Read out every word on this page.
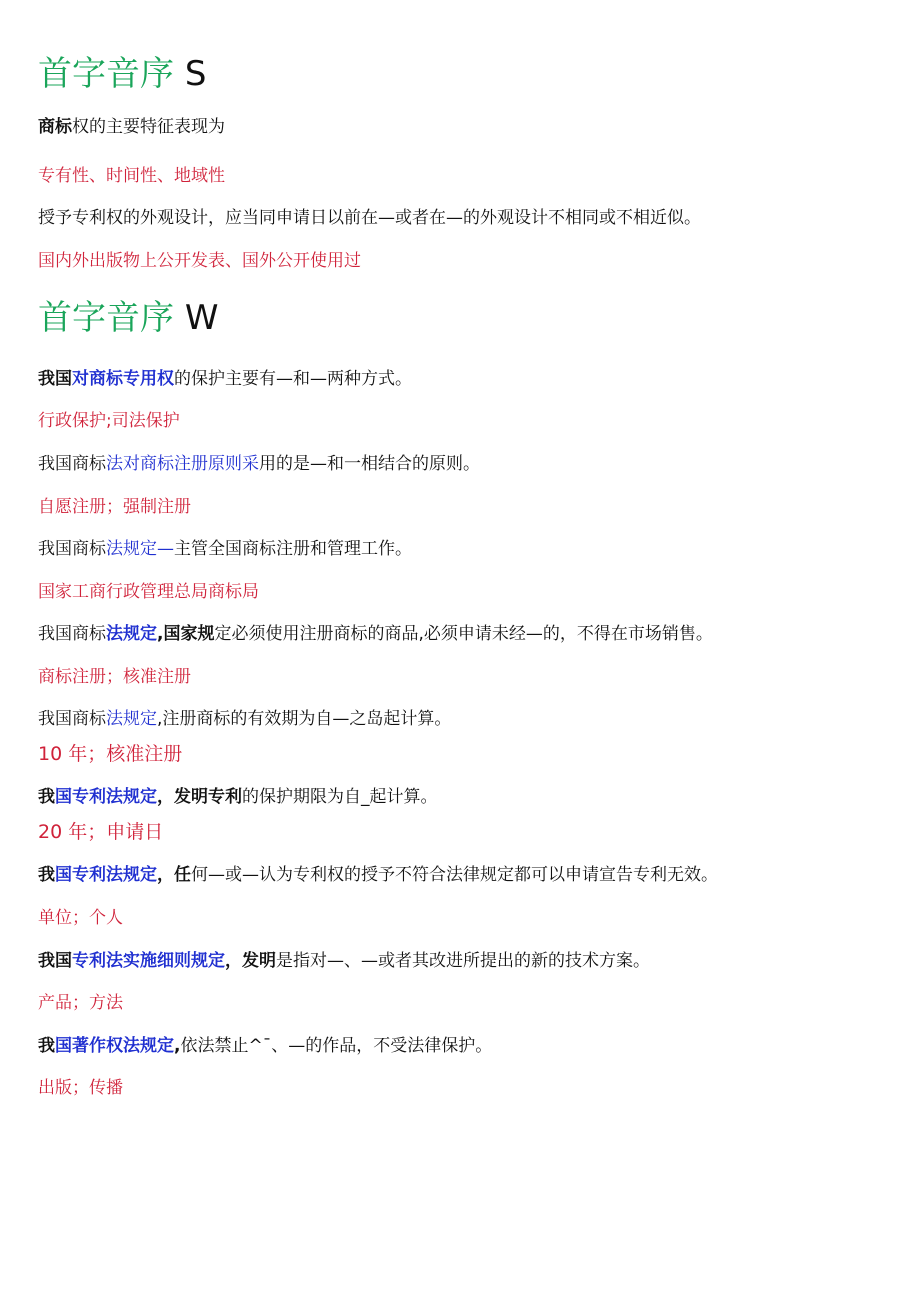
首字音序 S
商标权的主要特征表现为
专有性、时间性、地域性
授予专利权的外观设计，应当同申请日以前在—或者在—的外观设计不相同或不相近似。
国内外出版物上公开发表、国外公开使用过
首字音序 W
我国对商标专用权的保护主要有—和—两种方式。
行政保护;司法保护
我国商标法对商标注册原则采用的是—和一相结合的原则。
自愿注册；强制注册
我国商标法规定—主管全国商标注册和管理工作。
国家工商行政管理总局商标局
我国商标法规定,国家规定必须使用注册商标的商品,必须申请未经—的，不得在市场销售。
商标注册；核准注册
我国商标法规定,注册商标的有效期为自—之岛起计算。
10 年；核准注册
我国专利法规定，发明专利的保护期限为自_起计算。
20 年；申请日
我国专利法规定，任何—或—认为专利权的授予不符合法律规定都可以申请宣告专利无效。
单位；个人
我国专利法实施细则规定，发明是指对—、—或者其改进所提出的新的技术方案。
产品；方法
我国著作权法规定,依法禁止^¯、—的作品，不受法律保护。
出版；传播
